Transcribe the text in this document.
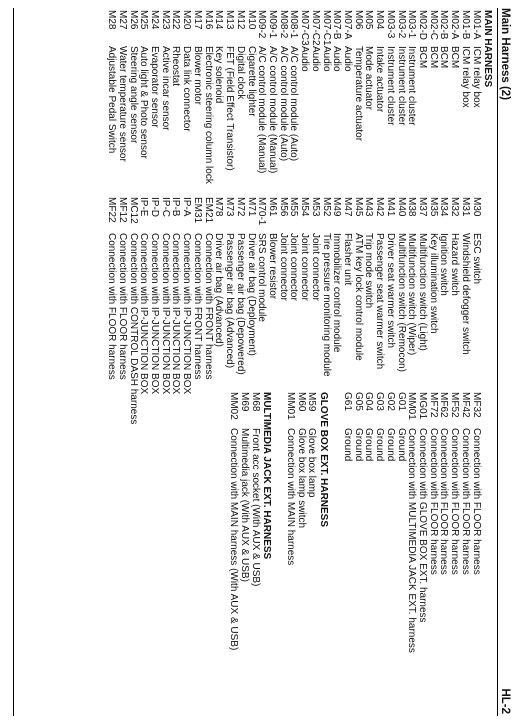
Main Harness (2)
HL-2
MAIN HARNESS
M01-A
ICM relay box
M01-B
ICM relay box
M02-A
BCM
M02-B
BCM
M02-C
BCM
M02-D
BCM
M03-1
Instrument cluster
M03-2
Instrument cluster
M03-3
Instrument cluster
M04
Intake actuator
M05
Mode actuator
M06
Temperature actuator
M07-A
Audio
M07-B
Audio
M07-C1
Audio
M07-C2
Audio
M07-C3
Audio
M08-1
A/C control module (Auto)
M08-2
A/C control module (Auto)
M09-1
A/C control module (Manual)
M09-2
A/C control module (Manual)
M10
Cigarette lighter
M12
Digital clock
M13
FET (Field Effect Transistor)
M14
Key solenoid
M16
Electronic steering column lock
M17
Blower motor
M20
Data link connector
M22
Rheostat
M23
Active incar sensor
M24
Evaporator sensor
M25
Auto light & Photo sensor
M26
Steering angle sensor
M27
Water temperature sensor
M28
Adjustable Pedal Switch
M30
ESC switch
M31
Windshield defogger switch
M32
Hazard switch
M34
Ignition switch
M35
Key illumination switch
M37
Multifunction switch (Light)
M38
Multifunction switch (Wiper)
M40
Multifunction switch (Remocon)
M41
Driver seat warmer switch
M42
Passenger seat warmer switch
M43
Trip mode switch
M45
ATM key lock control module
M47
Flasher unit
M49
Immobilizer control module
M52
Tire pressure monitoring module
M53
Joint connector
M54
Joint connector
M55
Joint connector
M56
Joint connector
M61
Blower resistor
M70-1
SRS control module
M71
Driver air bag (Deployment)
M72
Passenger air bag (Depowered)
M73
Passenger air bag (Advanced)
M78
Driver air bag (Advanced)
EM21
Connection with FRONT harness
EM31
Connection with FRONT harness
IP-A
Connection with IP-JUNCTION BOX
IP-B
Connection with IP-JUNCTION BOX
IP-C
Connection with IP-JUNCTION BOX
IP-D
Connection with IP-JUNCTION BOX
IP-E
Connection with IP-JUNCTION BOX
MC12
Connection with CONTROL DASH harness
MF12
Connection with FLOOR harness
MF22
Connection with FLOOR harness
MF32
Connection with FLOOR harness
MF42
Connection with FLOOR harness
MF52
Connection with FLOOR harness
MF62
Connection with FLOOR harness
MF72
Connection with FLOOR harness
MG01
Connection with GLOVE BOX EXT. harness
MM01
Connection with MULTIMEDIA JACK EXT. harness
G01
Ground
G02
Ground
G03
Ground
G04
Ground
G05
Ground
G61
Ground
GLOVE BOX EXT. HARNESS
M59
Glove box lamp
M60
Glove box lamp switch
MM01
Connection with MAIN harness
MULTIMEDIA JACK EXT. HARNESS
M68
Front acc socket (With AUX & USB)
M69
Multimedia jack (With AUX & USB)
MM02
Connection with MAIN harness (With AUX & USB)
